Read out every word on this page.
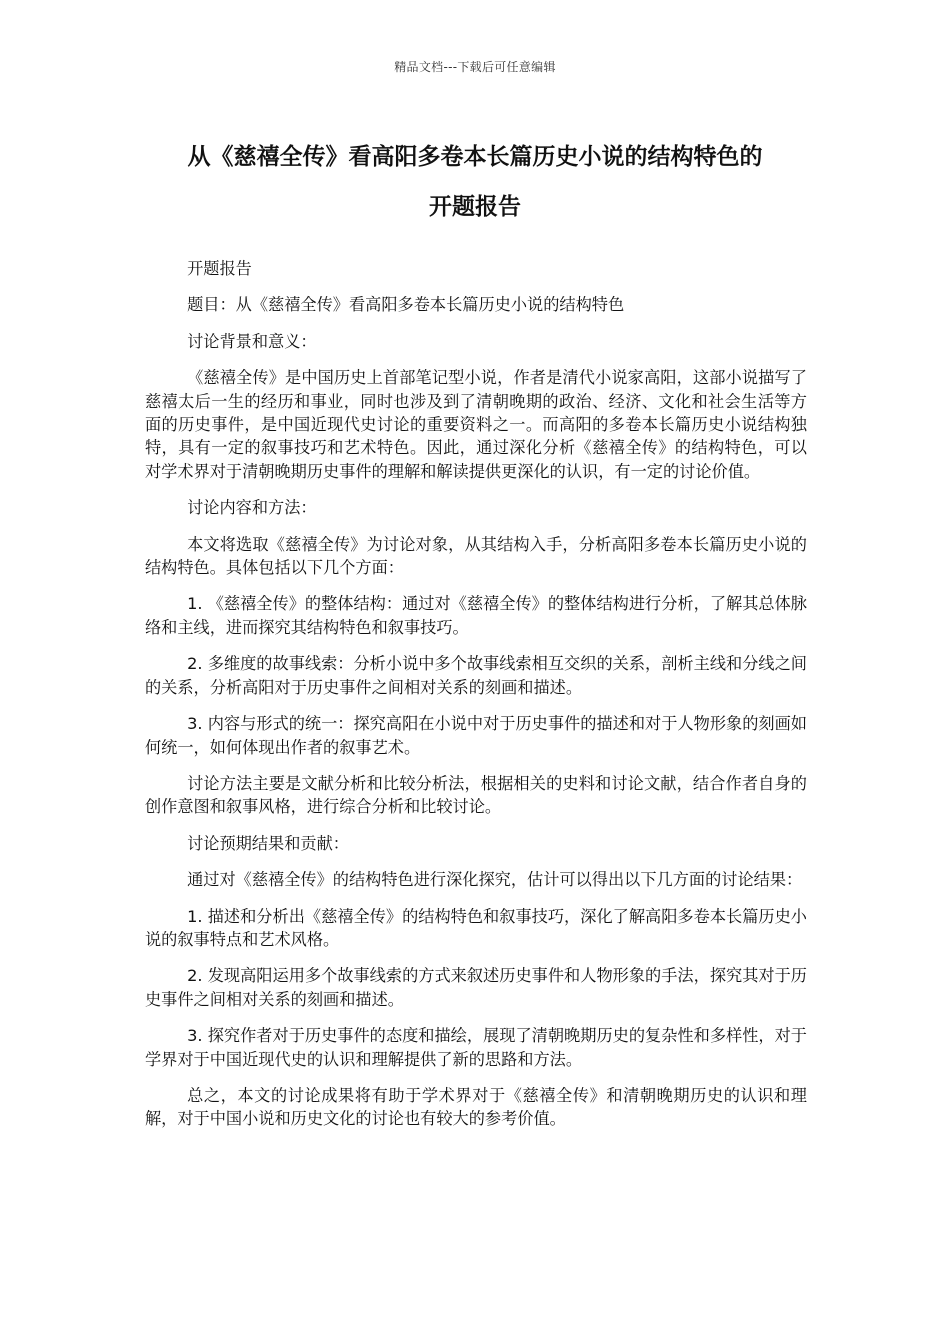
精品文档---下载后可任意编辑
从《慈禧全传》看高阳多卷本长篇历史小说的结构特色的
开题报告

开题报告

题目：从《慈禧全传》看高阳多卷本长篇历史小说的结构特色

讨论背景和意义：

《慈禧全传》是中国历史上首部笔记型小说，作者是清代小说家高阳，这部小说描写了慈禧太后一生的经历和事业，同时也涉及到了清朝晚期的政治、经济、文化和社会生活等方面的历史事件，是中国近现代史讨论的重要资料之一。而高阳的多卷本长篇历史小说结构独特，具有一定的叙事技巧和艺术特色。因此，通过深化分析《慈禧全传》的结构特色，可以对学术界对于清朝晚期历史事件的理解和解读提供更深化的认识，有一定的讨论价值。

讨论内容和方法：

本文将选取《慈禧全传》为讨论对象，从其结构入手，分析高阳多卷本长篇历史小说的结构特色。具体包括以下几个方面：

1. 《慈禧全传》的整体结构：通过对《慈禧全传》的整体结构进行分析，了解其总体脉络和主线，进而探究其结构特色和叙事技巧。

2. 多维度的故事线索：分析小说中多个故事线索相互交织的关系，剖析主线和分线之间的关系，分析高阳对于历史事件之间相对关系的刻画和描述。

3. 内容与形式的统一：探究高阳在小说中对于历史事件的描述和对于人物形象的刻画如何统一，如何体现出作者的叙事艺术。

讨论方法主要是文献分析和比较分析法，根据相关的史料和讨论文献，结合作者自身的创作意图和叙事风格，进行综合分析和比较讨论。

讨论预期结果和贡献：

通过对《慈禧全传》的结构特色进行深化探究，估计可以得出以下几方面的讨论结果：

1. 描述和分析出《慈禧全传》的结构特色和叙事技巧，深化了解高阳多卷本长篇历史小说的叙事特点和艺术风格。

2. 发现高阳运用多个故事线索的方式来叙述历史事件和人物形象的手法，探究其对于历史事件之间相对关系的刻画和描述。

3. 探究作者对于历史事件的态度和描绘，展现了清朝晚期历史的复杂性和多样性，对于学界对于中国近现代史的认识和理解提供了新的思路和方法。

总之，本文的讨论成果将有助于学术界对于《慈禧全传》和清朝晚期历史的认识和理解，对于中国小说和历史文化的讨论也有较大的参考价值。
